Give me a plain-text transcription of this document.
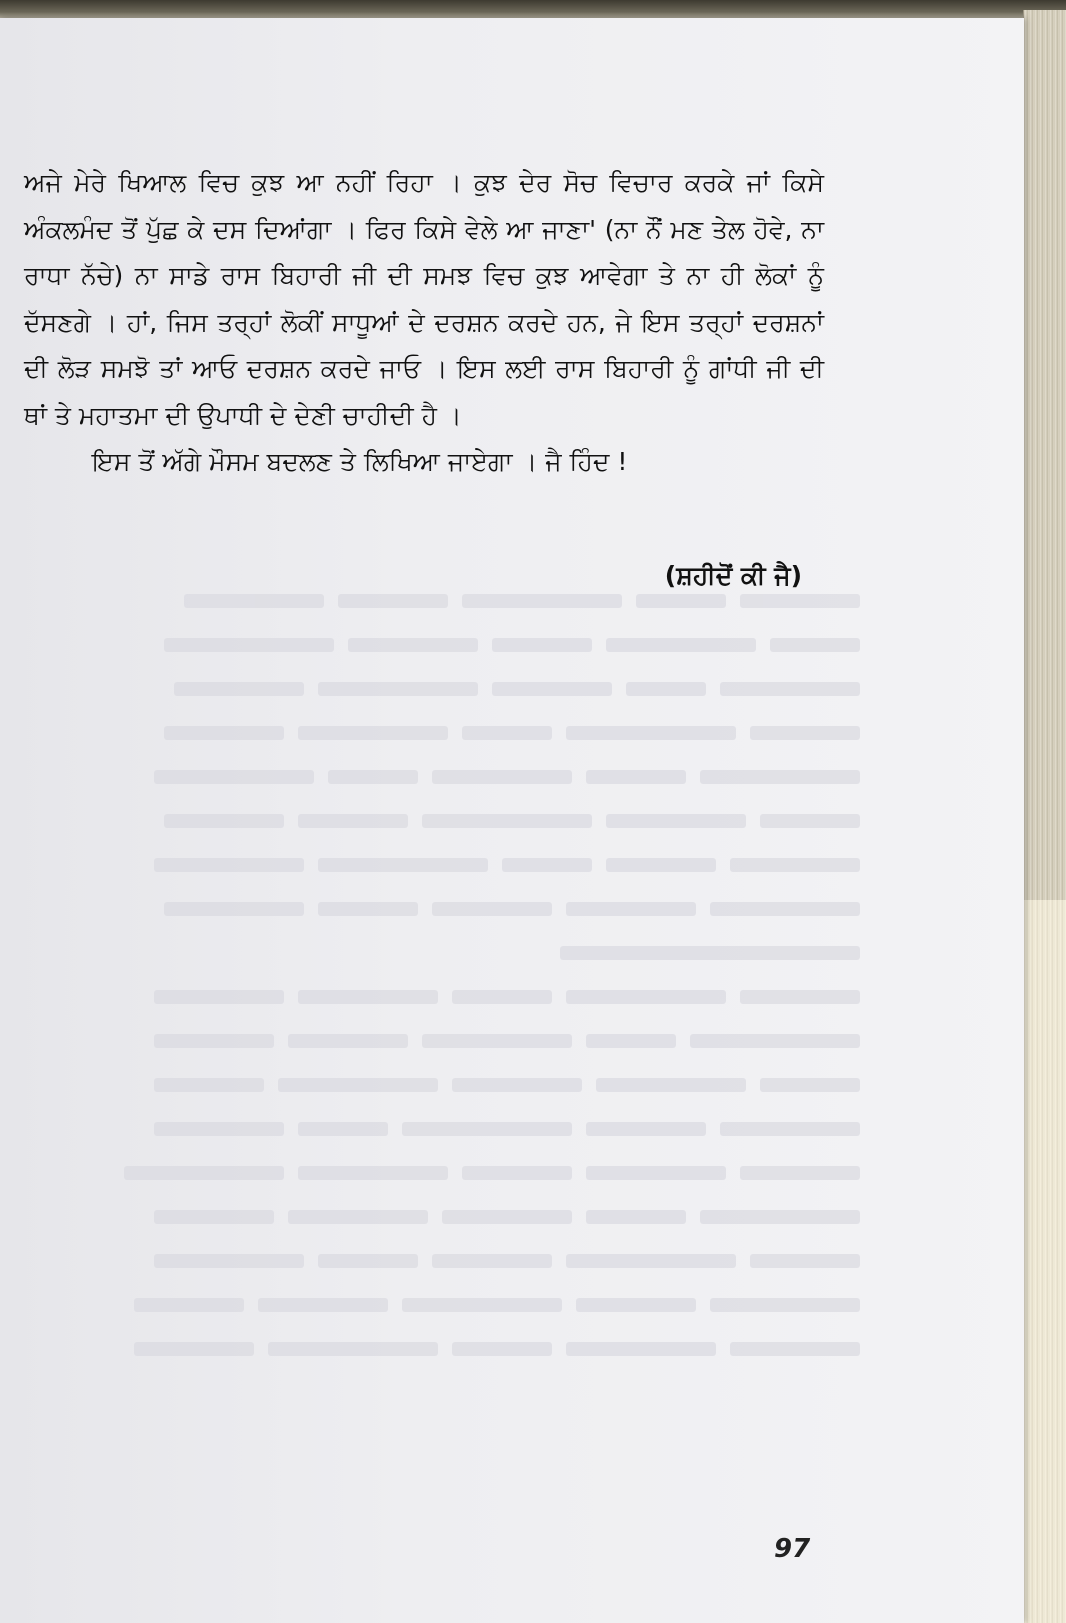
ਅਜੇ ਮੇਰੇ ਖਿਆਲ ਵਿਚ ਕੁਝ ਆ ਨਹੀਂ ਰਿਹਾ । ਕੁਝ ਦੇਰ ਸੋਚ ਵਿਚਾਰ ਕਰਕੇ ਜਾਂ ਕਿਸੇ ਅੰਕਲਮੰਦ ਤੋਂ ਪੁੱਛ ਕੇ ਦਸ ਦਿਆਂਗਾ । ਫਿਰ ਕਿਸੇ ਵੇਲੇ ਆ ਜਾਣਾ' (ਨਾ ਨੌਂ ਮਣ ਤੇਲ ਹੋਵੇ, ਨਾ ਰਾਧਾ ਨੱਚੇ) ਨਾ ਸਾਡੇ ਰਾਸ ਬਿਹਾਰੀ ਜੀ ਦੀ ਸਮਝ ਵਿਚ ਕੁਝ ਆਵੇਗਾ ਤੇ ਨਾ ਹੀ ਲੋਕਾਂ ਨੂੰ ਦੱਸਣਗੇ । ਹਾਂ, ਜਿਸ ਤਰ੍ਹਾਂ ਲੋਕੀਂ ਸਾਧੂਆਂ ਦੇ ਦਰਸ਼ਨ ਕਰਦੇ ਹਨ, ਜੇ ਇਸ ਤਰ੍ਹਾਂ ਦਰਸ਼ਨਾਂ ਦੀ ਲੋੜ ਸਮਝੋ ਤਾਂ ਆਓ ਦਰਸ਼ਨ ਕਰਦੇ ਜਾਓ । ਇਸ ਲਈ ਰਾਸ ਬਿਹਾਰੀ ਨੂੰ ਗਾਂਧੀ ਜੀ ਦੀ ਥਾਂ ਤੇ ਮਹਾਤਮਾ ਦੀ ਉਪਾਧੀ ਦੇ ਦੇਣੀ ਚਾਹੀਦੀ ਹੈ ।

ਇਸ ਤੋਂ ਅੱਗੇ ਮੌਸਮ ਬਦਲਣ ਤੇ ਲਿਖਿਆ ਜਾਏਗਾ । ਜੈ ਹਿੰਦ !

(ਸ਼ਹੀਦੋਂ ਕੀ ਜੈ)
97
